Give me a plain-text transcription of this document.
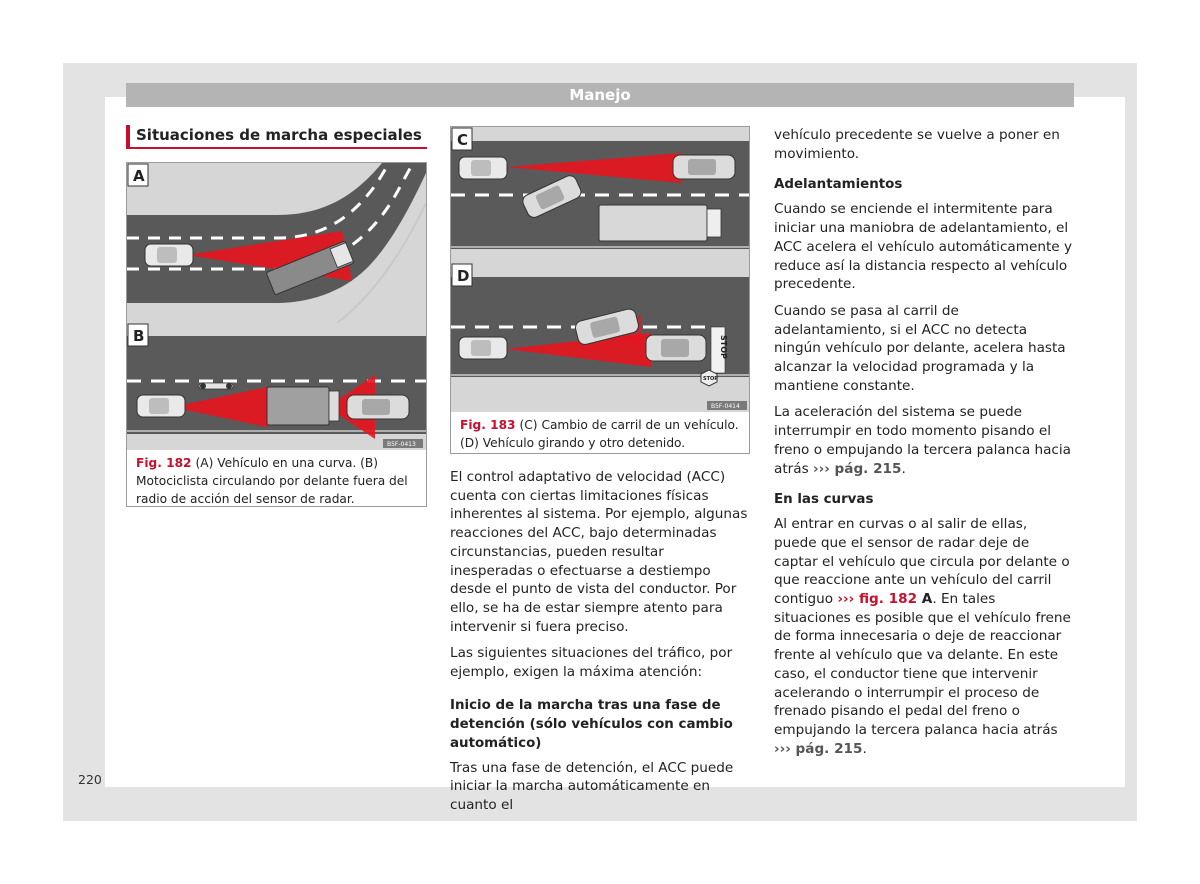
Manejo
Situaciones de marcha especiales
A
B
B5F-0413
Fig. 182 (A) Vehículo en una curva. (B) Motociclista circulando por delante fuera del radio de acción del sensor de radar.
C
STOP
STOP
D
B5F-0414
Fig. 183 (C) Cambio de carril de un vehículo. (D) Vehículo girando y otro detenido.

El control adaptativo de velocidad (ACC) cuenta con ciertas limitaciones físicas inherentes al sistema. Por ejemplo, algunas reacciones del ACC, bajo determinadas circunstancias, pueden resultar inesperadas o efectuarse a destiempo desde el punto de vista del conductor. Por ello, se ha de estar siempre atento para intervenir si fuera preciso.

Las siguientes situaciones del tráfico, por ejemplo, exigen la máxima atención:

Inicio de la marcha tras una fase de detención (sólo vehículos con cambio automático)

Tras una fase de detención, el ACC puede iniciar la marcha automáticamente en cuanto el

vehículo precedente se vuelve a poner en movimiento.

Adelantamientos

Cuando se enciende el intermitente para iniciar una maniobra de adelantamiento, el ACC acelera el vehículo automáticamente y reduce así la distancia respecto al vehículo precedente.

Cuando se pasa al carril de adelantamiento, si el ACC no detecta ningún vehículo por delante, acelera hasta alcanzar la velocidad programada y la mantiene constante.

La aceleración del sistema se puede interrumpir en todo momento pisando el freno o empujando la tercera palanca hacia atrás ››› pág. 215.

En las curvas

Al entrar en curvas o al salir de ellas, puede que el sensor de radar deje de captar el vehículo que circula por delante o que reaccione ante un vehículo del carril contiguo ››› fig. 182 A. En tales situaciones es posible que el vehículo frene de forma innecesaria o deje de reaccionar frente al vehículo que va delante. En este caso, el conductor tiene que intervenir acelerando o interrumpir el proceso de frenado pisando el pedal del freno o empujando la tercera palanca hacia atrás ››› pág. 215.

220
